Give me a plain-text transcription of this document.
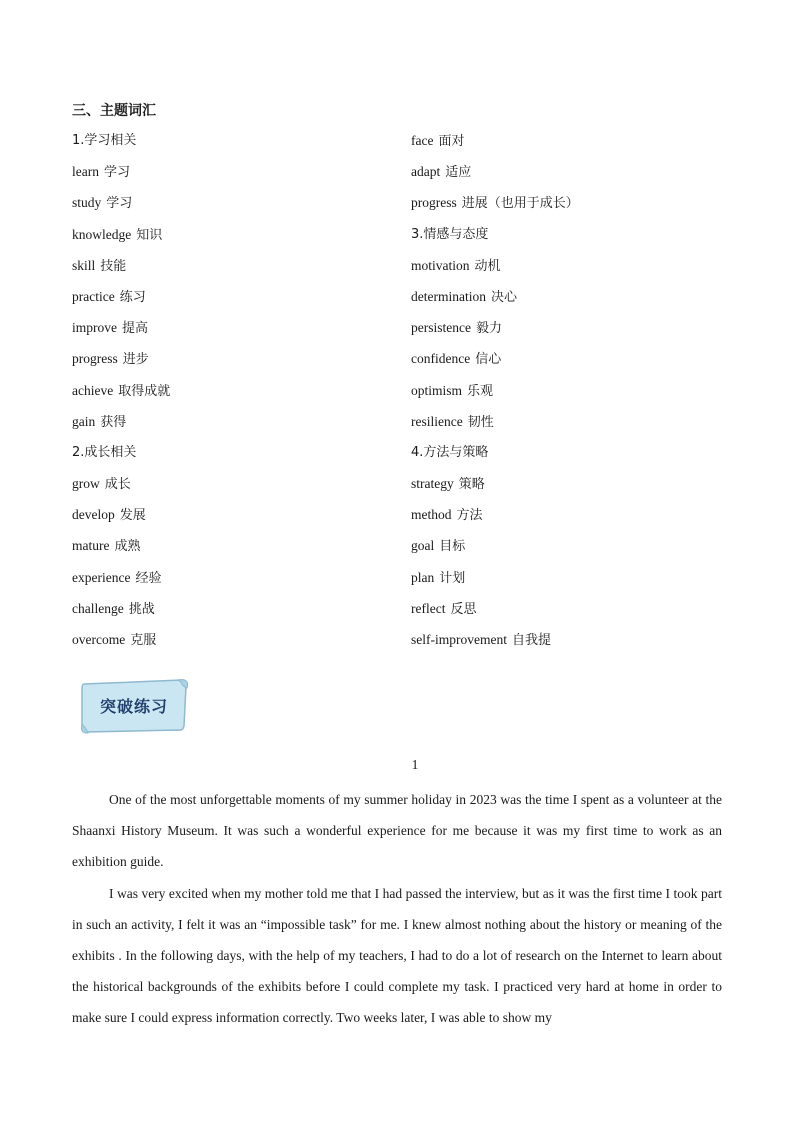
三、主题词汇
1.学习相关
learn 学习
study 学习
knowledge 知识
skill 技能
practice 练习
improve 提高
progress 进步
achieve 取得成就
gain 获得
2.成长相关
grow 成长
develop 发展
mature 成熟
experience 经验
challenge 挑战
overcome 克服
face 面对
adapt 适应
progress 进展（也用于成长）
3.情感与态度
motivation 动机
determination 决心
persistence 毅力
confidence 信心
optimism 乐观
resilience 韧性
4.方法与策略
strategy 策略
method 方法
goal 目标
plan 计划
reflect 反思
self-improvement 自我提
突破练习
1

One of the most unforgettable moments of my summer holiday in 2023 was the time I spent as a volunteer at the Shaanxi History Museum. It was such a wonderful experience for me because it was my first time to work as an exhibition guide.

I was very excited when my mother told me that I had passed the interview, but as it was the first time I took part in such an activity, I felt it was an “impossible task” for me. I knew almost nothing about the history or meaning of the exhibits . In the following days, with the help of my teachers, I had to do a lot of research on the Internet to learn about the historical backgrounds of the exhibits before I could complete my task. I practiced very hard at home in order to make sure I could express information correctly. Two weeks later, I was able to show my
